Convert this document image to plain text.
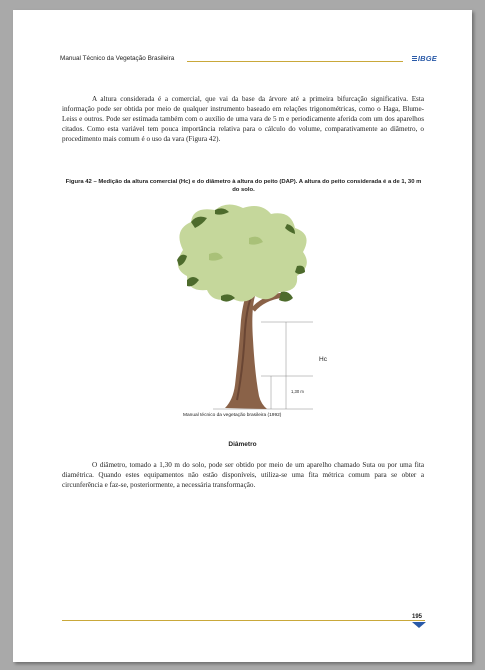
Manual Técnico da Vegetação Brasileira	IBGE

A altura considerada é a comercial, que vai da base da árvore até a primeira bifurcação significativa. Esta informação pode ser obtida por meio de qualquer instrumento baseado em relações trigonométricas, como o Haga, Blume-Leiss e outros. Pode ser estimada também com o auxílio de uma vara de 5 m e periodicamente aferida com um dos aparelhos citados. Como esta variável tem pouca importância relativa para o cálculo do volume, comparativamente ao diâmetro, o procedimento mais comum é o uso da vara (Figura 42).

Figura 42 – Medição da altura comercial (Hc) e do diâmetro à altura do peito (DAP). A altura do peito considerada é a de 1, 30 m do solo.
Hc
1,30 m
Manual técnico da vegetação brasileira (1992)
Diâmetro

O diâmetro, tomado a 1,30 m do solo, pode ser obtido por meio de um aparelho chamado Suta ou por uma fita diamétrica. Quando estes equipamentos não estão disponíveis, utiliza-se uma fita métrica comum para se obter a circunferência e faz-se, posteriormente, a necessária transformação.

195
